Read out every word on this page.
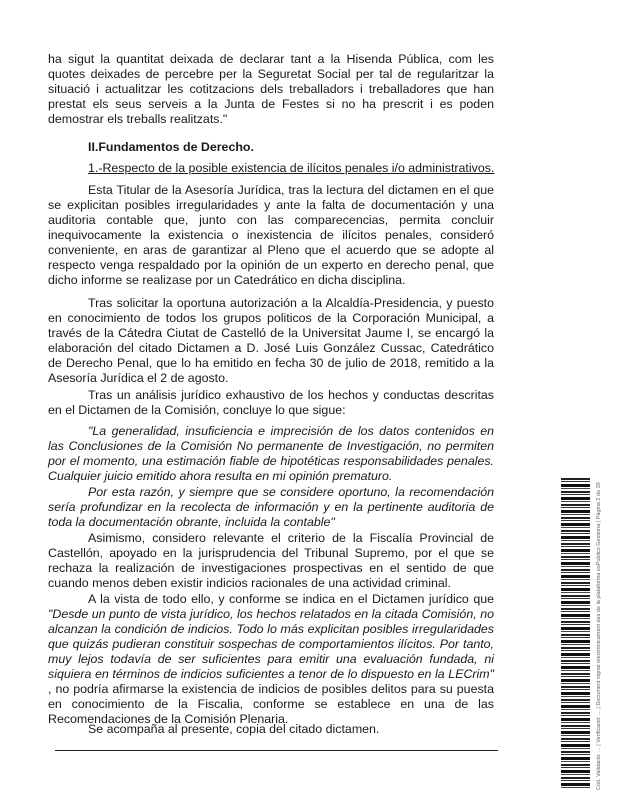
ha sigut la quantitat deixada de declarar tant a la Hisenda Pública, com les quotes deixades de percebre per la Seguretat Social per tal de regularitzar la situació i actualitzar les cotitzacions dels treballadors i treballadores que han prestat els seus serveis a la Junta de Festes si no ha prescrit i es poden demostrar els treballs realitzats."
II.Fundamentos de Derecho.
1.-Respecto de la posible existencia de ilícitos penales i/o administrativos.
Esta Titular de la Asesoría Jurídica, tras la lectura del dictamen en el que se explicitan posibles irregularidades y ante la falta de documentación y una auditoria contable que, junto con las comparecencias, permita concluir inequivocamente la existencia o inexistencia de ilícitos penales, consideró conveniente, en aras de garantizar al Pleno que el acuerdo que se adopte al respecto venga respaldado por la opinión de un experto en derecho penal, que dicho informe se realizase por un Catedrático en dicha disciplina.
Tras solicitar la oportuna autorización a la Alcaldía-Presidencia, y puesto en conocimiento de todos los grupos politicos de la Corporación Municipal, a través de la Cátedra Ciutat de Castelló de la Universitat Jaume I, se encargó la elaboración del citado Dictamen a D. José Luis González Cussac, Catedrático de Derecho Penal, que lo ha emitido en fecha 30 de julio de 2018, remitido a la Asesoría Jurídica el 2 de agosto.
Tras un análisis jurídico exhaustivo de los hechos y conductas descritas en el Dictamen de la Comisión, concluye lo que sigue:
"La generalidad, insuficiencia e imprecisión de los datos contenidos en las Conclusiones de la Comisión No permanente de Investigación, no permiten por el momento, una estimación fiable de hipotéticas responsabilidades penales. Cualquier juicio emitido ahora resulta en mi opinión prematuro.
Por esta razón, y siempre que se considere oportuno, la recomendación sería profundizar en la recolecta de información y en la pertinente auditoria de toda la documentación obrante, incluida la contable"
Asimismo, considero relevante el criterio de la Fiscalía Provincial de Castellón, apoyado en la jurisprudencia del Tribunal Supremo, por el que se rechaza la realización de investigaciones prospectivas en el sentido de que cuando menos deben existir indicios racionales de una actividad criminal.
A la vista de todo ello, y conforme se indica en el Dictamen jurídico que "Desde un punto de vista jurídico, los hechos relatados en la citada Comisión, no alcanzan la condición de indicios. Todo lo más explicitan posibles irregularidades que quizás pudieran constituir sospechas de comportamientos ilícitos. Por tanto, muy lejos todavía de ser suficientes para emitir una evaluación fundada, ni siquiera en términos de indicios suficientes a tenor de lo dispuesto en la LECrim" , no podría afirmarse la existencia de indicios de posibles delitos para su puesta en conocimiento de la Fiscalia, conforme se establece en una de las Recomendaciones de la Comisión Plenaria.
Se acompaña al presente, copia del citado dictamen.	Cód. Validació: ... | Verificació: ... | Document signat electrònicament des de la plataforma esPublico Gestiona | Pàgina 2 de 39
